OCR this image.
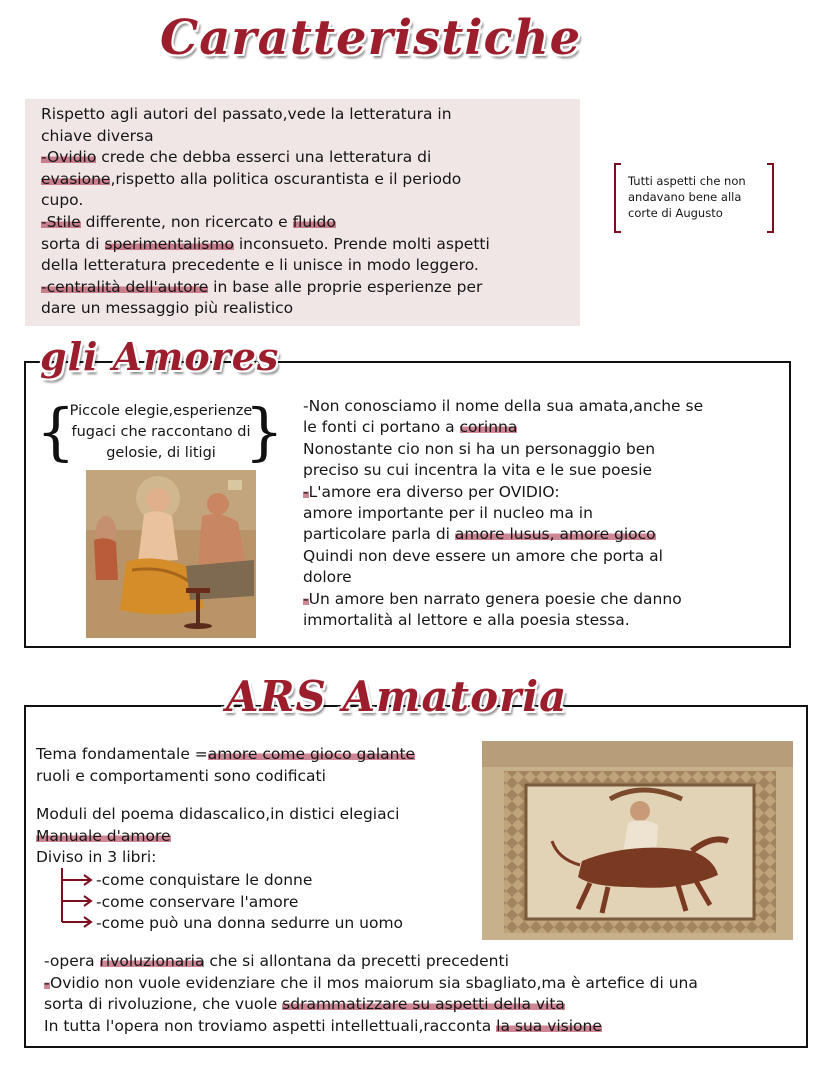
Caratteristiche

Rispetto agli autori del passato,vede la letteratura in

chiave diversa

-Ovidio crede che debba esserci una letteratura di

evasione,rispetto alla politica oscurantista e il periodo

cupo.

-Stile differente, non ricercato e fluido

sorta di sperimentalismo inconsueto. Prende molti aspetti

della letteratura precedente e li unisce in modo leggero.

-centralità dell'autore in base alle proprie esperienze per

dare un messaggio più realistico

Tutti aspetti che non

andavano bene alla

corte di Augusto

gli Amores
{	}

Piccole elegie,esperienze

fugaci che raccontano di

gelosie, di litigi

-Non conosciamo il nome della sua amata,anche se

le fonti ci portano a corinna

Nonostante cio non si ha un personaggio ben

preciso su cui incentra la vita e le sue poesie

-L'amore era diverso per OVIDIO:

amore importante per il nucleo ma in

particolare parla di amore lusus, amore gioco

Quindi non deve essere un amore che porta al

dolore

-Un amore ben narrato genera poesie che danno

immortalità al lettore e alla poesia stessa.

ARS Amatoria

Tema fondamentale =amore come gioco galante

ruoli e comportamenti sono codificati

Moduli del poema didascalico,in distici elegiaci

Manuale d'amore

Diviso in 3 libri:

-come conquistare le donne

-come conservare l'amore

-come può una donna sedurre un uomo

-opera rivoluzionaria che si allontana da precetti precedenti

-Ovidio non vuole evidenziare che il mos maiorum sia sbagliato,ma è artefice di una

sorta di rivoluzione, che vuole sdrammatizzare su aspetti della vita

In tutta l'opera non troviamo aspetti intellettuali,racconta la sua visione
